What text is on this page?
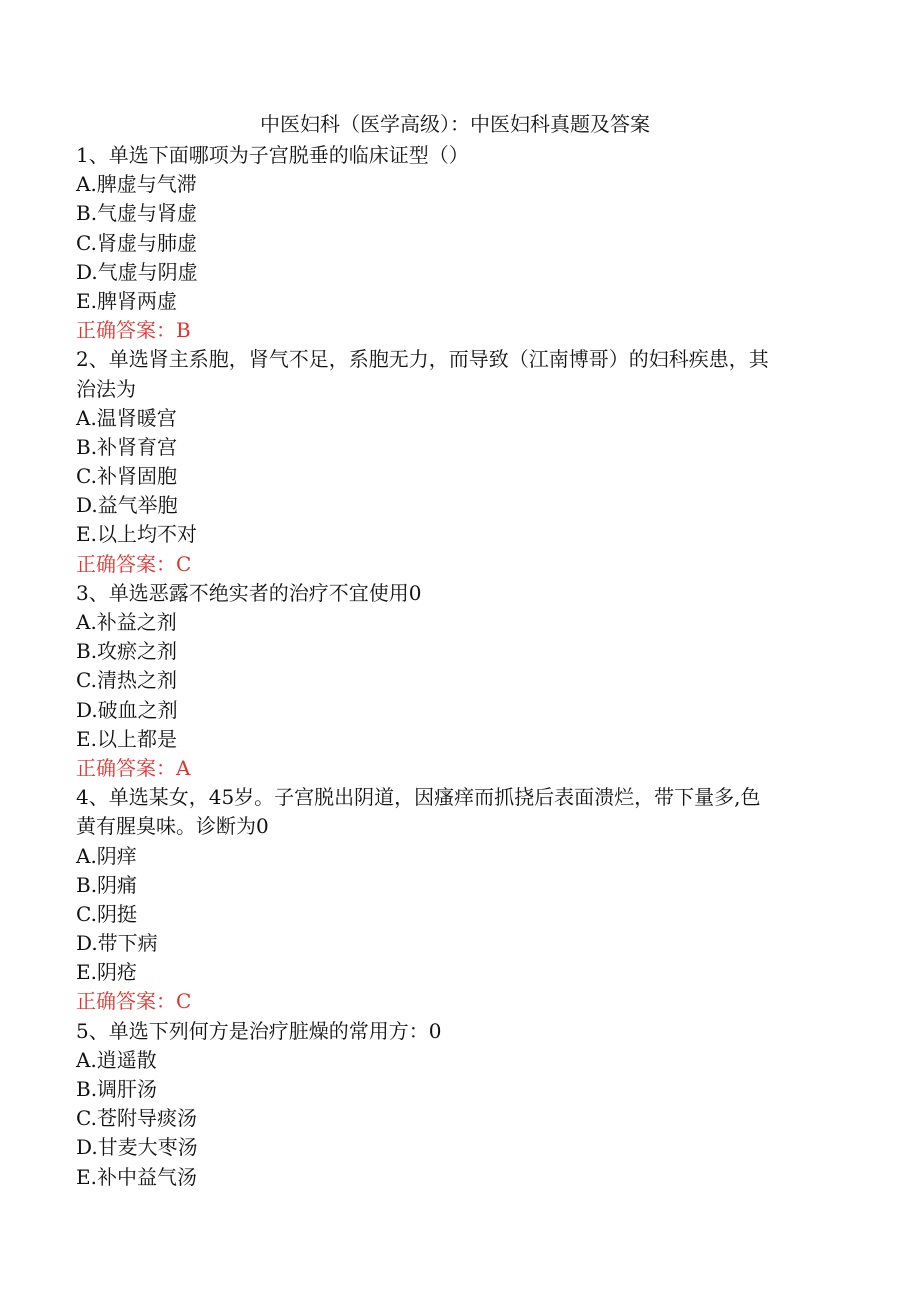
中医妇科（医学高级）：中医妇科真题及答案
1、单选下面哪项为子宫脱垂的临床证型（）
A.脾虚与气滞
B.气虚与肾虚
C.肾虚与肺虚
D.气虚与阴虚
E.脾肾两虚
正确答案：B
2、单选肾主系胞，肾气不足，系胞无力，而导致（江南博哥）的妇科疾患，其
治法为
A.温肾暖宫
B.补肾育宫
C.补肾固胞
D.益气举胞
E.以上均不对
正确答案：C
3、单选恶露不绝实者的治疗不宜使用0
A.补益之剂
B.攻瘀之剂
C.清热之剂
D.破血之剂
E.以上都是
正确答案：A
4、单选某女，45岁。子宫脱出阴道，因瘙痒而抓挠后表面溃烂，带下量多,色
黄有腥臭味。诊断为0
A.阴痒
B.阴痛
C.阴挺
D.带下病
E.阴疮
正确答案：C
5、单选下列何方是治疗脏燥的常用方：0
A.逍遥散
B.调肝汤
C.苍附导痰汤
D.甘麦大枣汤
E.补中益气汤
